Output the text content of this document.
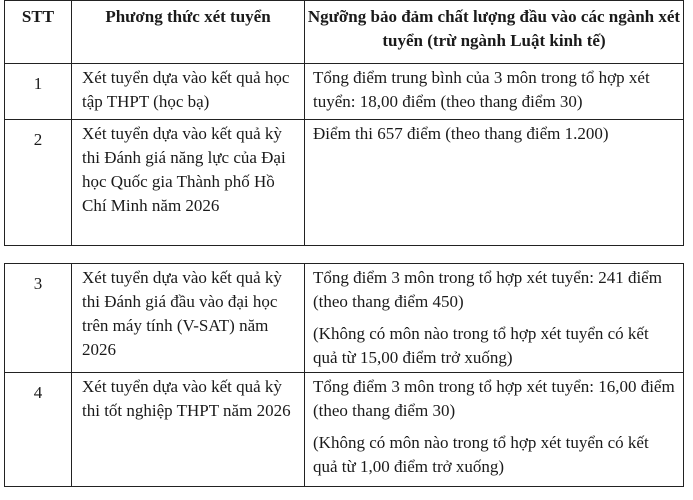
STT	Phương thức xét tuyển	Ngưỡng bảo đảm chất lượng đầu vào các ngành xét tuyển (trừ ngành Luật kinh tế)

1	Xét tuyển dựa vào kết quả học tập THPT (học bạ)	Tổng điểm trung bình của 3 môn trong tổ hợp xét tuyển: 18,00 điểm (theo thang điểm 30)

2	Xét tuyển dựa vào kết quả kỳ thi Đánh giá năng lực của Đại học Quốc gia Thành phố Hồ Chí Minh năm 2026	Điểm thi 657 điểm (theo thang điểm 1.200)
3	Xét tuyển dựa vào kết quả kỳ thi Đánh giá đầu vào đại học trên máy tính (V-SAT) năm 2026	Tổng điểm 3 môn trong tổ hợp xét tuyển: 241 điểm (theo thang điểm 450)
(Không có môn nào trong tổ hợp xét tuyển có kết quả từ 15,00 điểm trở xuống)

4	Xét tuyển dựa vào kết quả kỳ thi tốt nghiệp THPT năm 2026	Tổng điểm 3 môn trong tổ hợp xét tuyển: 16,00 điểm (theo thang điểm 30)
(Không có môn nào trong tổ hợp xét tuyển có kết quả từ 1,00 điểm trở xuống)
